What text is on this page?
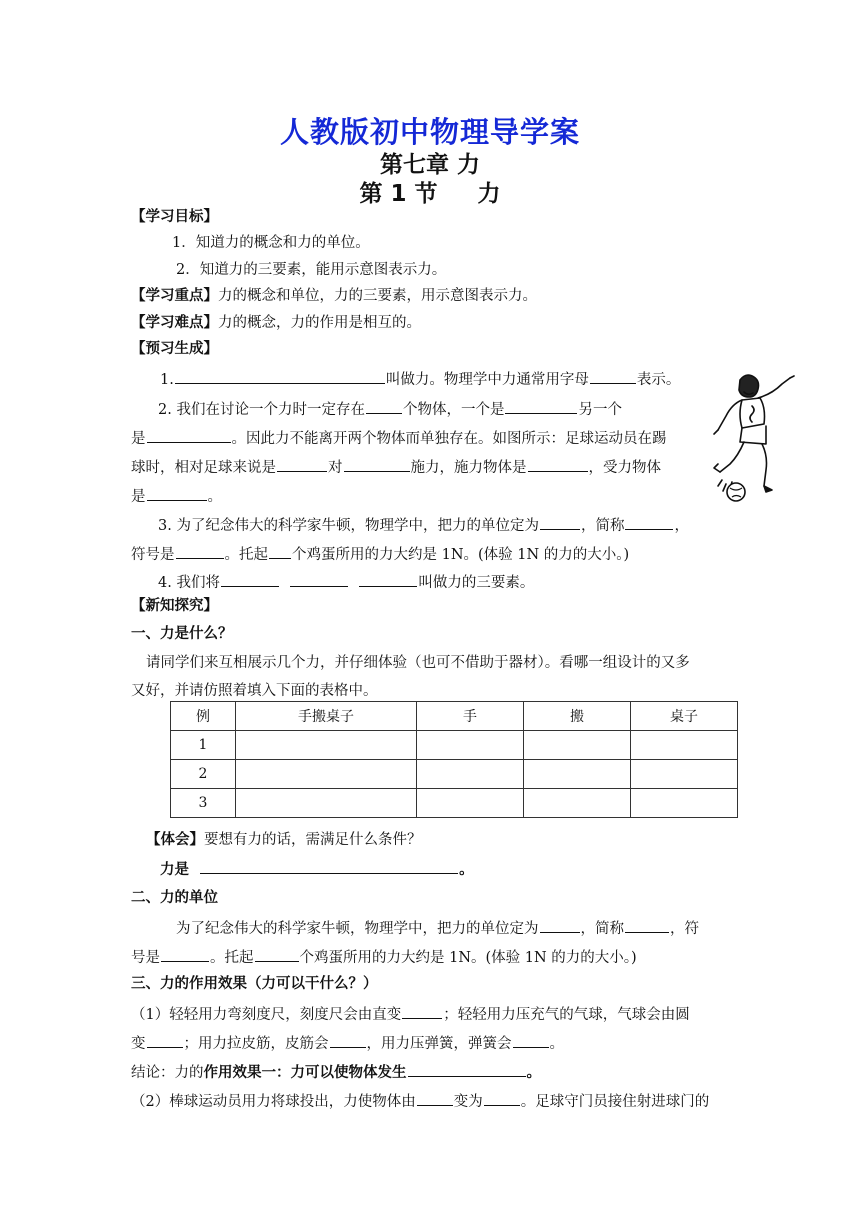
人教版初中物理导学案
第七章 力
第 1 节     力
【学习目标】
1．知道力的概念和力的单位。
2．知道力的三要素，能用示意图表示力。
【学习重点】力的概念和单位，力的三要素，用示意图表示力。
【学习难点】力的概念，力的作用是相互的。
【预习生成】
1.	叫做力。物理学中力通常用字母	表示。
2. 我们在讨论一个力时一定存在	个物体，一个是	另一个
是	。因此力不能离开两个物体而单独存在。如图所示：足球运动员在踢
球时，相对足球来说是	对	施力，施力物体是	，受力物体
是	。
3. 为了纪念伟大的科学家牛顿，物理学中，把力的单位定为	，简称	，
符号是	。托起 个鸡蛋所用的力大约是 1N。(体验 1N 的力的大小。)
4. 我们将	叫做力的三要素。
【新知探究】
一、力是什么？
请同学们来互相展示几个力，并仔细体验（也可不借助于器材）。看哪一组设计的又多
又好，并请仿照着填入下面的表格中。
例	手搬桌子	手	搬	桌子
1				
2				
3				
【体会】要想有力的话，需满足什么条件？
力是	。
二、力的单位
为了纪念伟大的科学家牛顿，物理学中，把力的单位定为	，简称	，符
号是	。托起	个鸡蛋所用的力大约是 1N。(体验 1N 的力的大小。)
三、力的作用效果（力可以干什么？）
（1）轻轻用力弯刻度尺，刻度尺会由直变	；轻轻用力压充气的气球，气球会由圆
变	；用力拉皮筋，皮筋会	，用力压弹簧，弹簧会	。
结论：力的作用效果一：力可以使物体发生	。
（2）棒球运动员用力将球投出，力使物体由	变为	。足球守门员接住射进球门的
